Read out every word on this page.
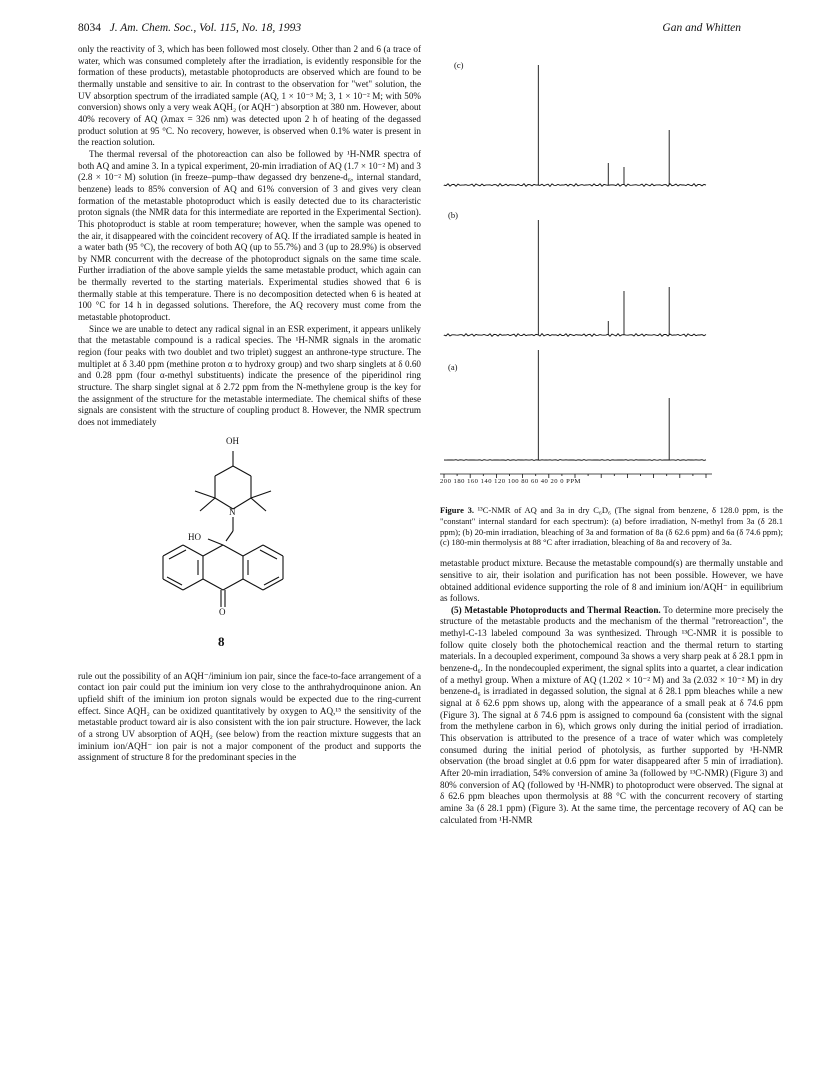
8034 J. Am. Chem. Soc., Vol. 115, No. 18, 1993	Gan and Whitten

only the reactivity of 3, which has been followed most closely. Other than 2 and 6 (a trace of water, which was consumed completely after the irradiation, is evidently responsible for the formation of these products), metastable photoproducts are observed which are found to be thermally unstable and sensitive to air. In contrast to the observation for "wet" solution, the UV absorption spectrum of the irradiated sample (AQ, 1 × 10⁻³ M; 3, 1 × 10⁻² M; with 50% conversion) shows only a very weak AQH₂ (or AQH⁻) absorption at 380 nm. However, about 40% recovery of AQ (λmax = 326 nm) was detected upon 2 h of heating of the degassed product solution at 95 °C. No recovery, however, is observed when 0.1% water is present in the reaction solution.

The thermal reversal of the photoreaction can also be followed by ¹H-NMR spectra of both AQ and amine 3. In a typical experiment, 20-min irradiation of AQ (1.7 × 10⁻² M) and 3 (2.8 × 10⁻² M) solution (in freeze–pump–thaw degassed dry benzene-d₆, internal standard, benzene) leads to 85% conversion of AQ and 61% conversion of 3 and gives very clean formation of the metastable photoproduct which is easily detected due to its characteristic proton signals (the NMR data for this intermediate are reported in the Experimental Section). This photoproduct is stable at room temperature; however, when the sample was opened to the air, it disappeared with the coincident recovery of AQ. If the irradiated sample is heated in a water bath (95 °C), the recovery of both AQ (up to 55.7%) and 3 (up to 28.9%) is observed by NMR concurrent with the decrease of the photoproduct signals on the same time scale. Further irradiation of the above sample yields the same metastable product, which again can be thermally reverted to the starting materials. Experimental studies showed that 6 is thermally stable at this temperature. There is no decomposition detected when 6 is heated at 100 °C for 14 h in degassed solutions. Therefore, the AQ recovery must come from the metastable photoproduct.

Since we are unable to detect any radical signal in an ESR experiment, it appears unlikely that the metastable compound is a radical species. The ¹H-NMR signals in the aromatic region (four peaks with two doublet and two triplet) suggest an anthrone-type structure. The multiplet at δ 3.40 ppm (methine proton α to hydroxy group) and two sharp singlets at δ 0.60 and 0.28 ppm (four α-methyl substituents) indicate the presence of the piperidinol ring structure. The sharp singlet signal at δ 2.72 ppm from the N-methylene group is the key for the assignment of the structure for the metastable intermediate. The chemical shifts of these signals are consistent with the structure of coupling product 8. However, the NMR spectrum does not immediately

OH
N
HO
O
8

rule out the possibility of an AQH⁻/iminium ion pair, since the face-to-face arrangement of a contact ion pair could put the iminium ion very close to the anthrahydroquinone anion. An upfield shift of the iminium ion proton signals would be expected due to the ring-current effect. Since AQH₂ can be oxidized quantitatively by oxygen to AQ,¹⁵ the sensitivity of the metastable product toward air is also consistent with the ion pair structure. However, the lack of a strong UV absorption of AQH₂ (see below) from the reaction mixture suggests that an iminium ion/AQH⁻ ion pair is not a major component of the product and supports the assignment of structure 8 for the predominant species in the

(c)
(b)
(a)
200 180 160 140 120 100 80 60 40 20 0 PPM

Figure 3. ¹³C-NMR of AQ and 3a in dry C₆D₆ (The signal from benzene, δ 128.0 ppm, is the "constant" internal standard for each spectrum): (a) before irradiation, N-methyl from 3a (δ 28.1 ppm); (b) 20-min irradiation, bleaching of 3a and formation of 8a (δ 62.6 ppm) and 6a (δ 74.6 ppm); (c) 180-min thermolysis at 88 °C after irradiation, bleaching of 8a and recovery of 3a.

metastable product mixture. Because the metastable compound(s) are thermally unstable and sensitive to air, their isolation and purification has not been possible. However, we have obtained additional evidence supporting the role of 8 and iminium ion/AQH⁻ in equilibrium as follows.

(5) Metastable Photoproducts and Thermal Reaction. To determine more precisely the structure of the metastable products and the mechanism of the thermal "retroreaction", the methyl-C-13 labeled compound 3a was synthesized. Through ¹³C-NMR it is possible to follow quite closely both the photochemical reaction and the thermal return to starting materials. In a decoupled experiment, compound 3a shows a very sharp peak at δ 28.1 ppm in benzene-d₆. In the nondecoupled experiment, the signal splits into a quartet, a clear indication of a methyl group. When a mixture of AQ (1.202 × 10⁻² M) and 3a (2.032 × 10⁻² M) in dry benzene-d₆ is irradiated in degassed solution, the signal at δ 28.1 ppm bleaches while a new signal at δ 62.6 ppm shows up, along with the appearance of a small peak at δ 74.6 ppm (Figure 3). The signal at δ 74.6 ppm is assigned to compound 6a (consistent with the signal from the methylene carbon in 6), which grows only during the initial period of irradiation. This observation is attributed to the presence of a trace of water which was completely consumed during the initial period of photolysis, as further supported by ¹H-NMR observation (the broad singlet at 0.6 ppm for water disappeared after 5 min of irradiation). After 20-min irradiation, 54% conversion of amine 3a (followed by ¹³C-NMR) (Figure 3) and 80% conversion of AQ (followed by ¹H-NMR) to photoproduct were observed. The signal at δ 62.6 ppm bleaches upon thermolysis at 88 °C with the concurrent recovery of starting amine 3a (δ 28.1 ppm) (Figure 3). At the same time, the percentage recovery of AQ can be calculated from ¹H-NMR
